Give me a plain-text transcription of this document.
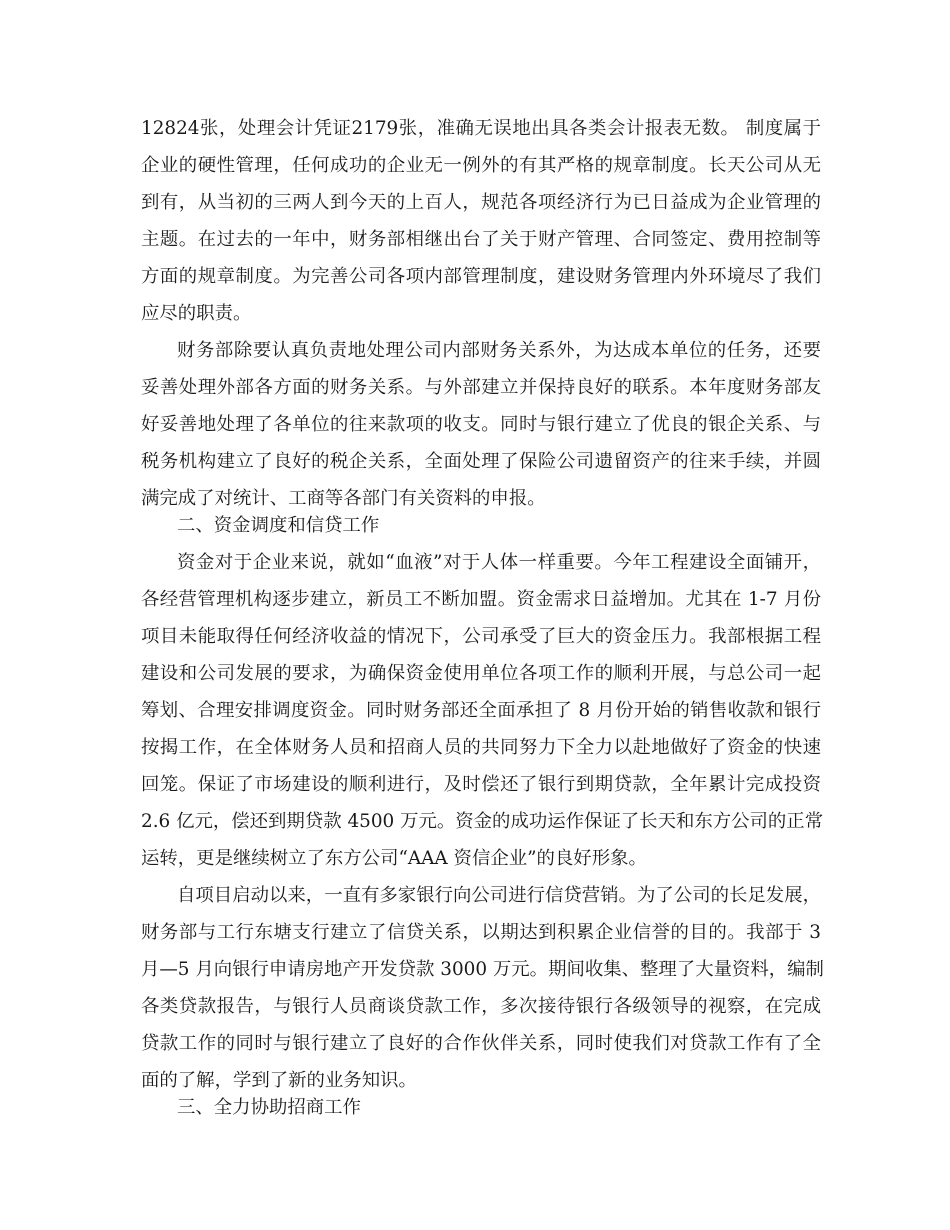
12824张，处理会计凭证2179张，准确无误地出具各类会计报表无数。 制度属于
企业的硬性管理，任何成功的企业无一例外的有其严格的规章制度。长天公司从无
到有，从当初的三两人到今天的上百人，规范各项经济行为已日益成为企业管理的
主题。在过去的一年中，财务部相继出台了关于财产管理、合同签定、费用控制等
方面的规章制度。为完善公司各项内部管理制度，建设财务管理内外环境尽了我们
应尽的职责。
财务部除要认真负责地处理公司内部财务关系外，为达成本单位的任务，还要
妥善处理外部各方面的财务关系。与外部建立并保持良好的联系。本年度财务部友
好妥善地处理了各单位的往来款项的收支。同时与银行建立了优良的银企关系、与
税务机构建立了良好的税企关系，全面处理了保险公司遗留资产的往来手续，并圆
满完成了对统计、工商等各部门有关资料的申报。
二、资金调度和信贷工作
资金对于企业来说，就如“血液”对于人体一样重要。今年工程建设全面铺开，
各经营管理机构逐步建立，新员工不断加盟。资金需求日益增加。尤其在 1-7 月份
项目未能取得任何经济收益的情况下，公司承受了巨大的资金压力。我部根据工程
建设和公司发展的要求，为确保资金使用单位各项工作的顺利开展，与总公司一起
筹划、合理安排调度资金。同时财务部还全面承担了 8 月份开始的销售收款和银行
按揭工作，在全体财务人员和招商人员的共同努力下全力以赴地做好了资金的快速
回笼。保证了市场建设的顺利进行，及时偿还了银行到期贷款，全年累计完成投资
2.6 亿元，偿还到期贷款 4500 万元。资金的成功运作保证了长天和东方公司的正常
运转，更是继续树立了东方公司“AAA 资信企业”的良好形象。
自项目启动以来，一直有多家银行向公司进行信贷营销。为了公司的长足发展，
财务部与工行东塘支行建立了信贷关系，以期达到积累企业信誉的目的。我部于 3
月—5 月向银行申请房地产开发贷款 3000 万元。期间收集、整理了大量资料，编制
各类贷款报告，与银行人员商谈贷款工作，多次接待银行各级领导的视察，在完成
贷款工作的同时与银行建立了良好的合作伙伴关系，同时使我们对贷款工作有了全
面的了解，学到了新的业务知识。
三、全力协助招商工作
